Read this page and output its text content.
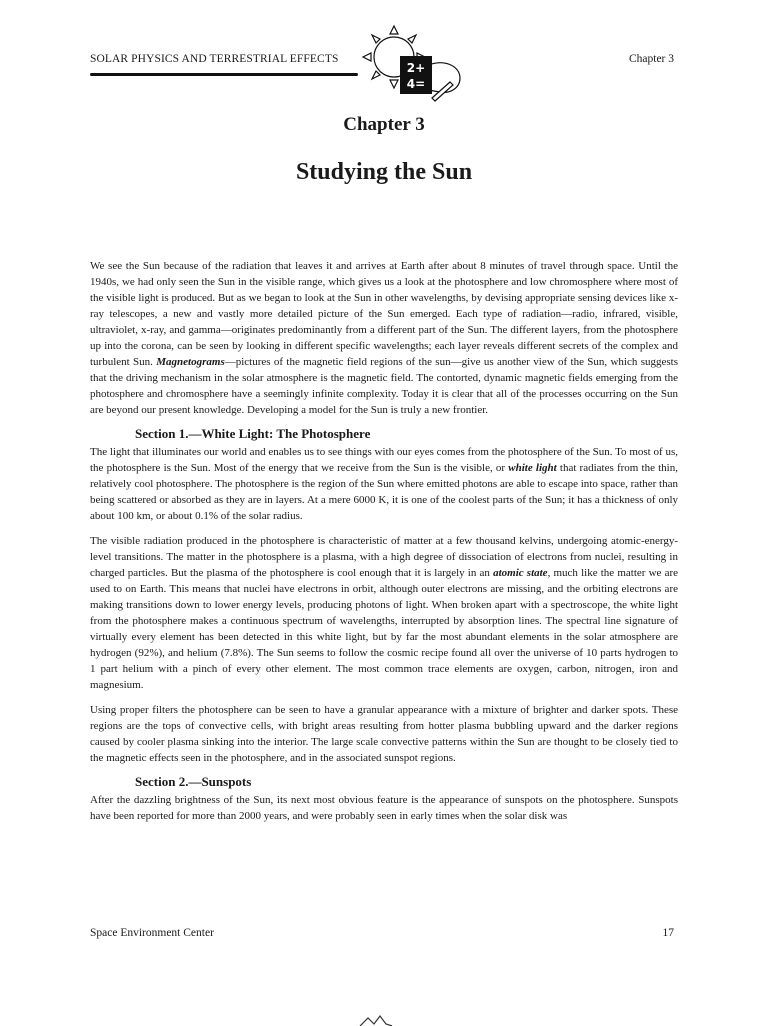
SOLAR PHYSICS AND TERRESTRIAL EFFECTS	Chapter 3
2+
4=
Chapter 3
Studying the Sun

We see the Sun because of the radiation that leaves it and arrives at Earth after about 8 minutes of travel through space. Until the 1940s, we had only seen the Sun in the visible range, which gives us a look at the photosphere and low chromosphere where most of the visible light is produced. But as we began to look at the Sun in other wavelengths, by devising appropriate sensing devices like x-ray telescopes, a new and vastly more detailed picture of the Sun emerged. Each type of radiation—radio, infrared, visible, ultraviolet, x-ray, and gamma—originates predominantly from a different part of the Sun. The different layers, from the photosphere up into the corona, can be seen by looking in different specific wavelengths; each layer reveals different secrets of the complex and turbulent Sun. Magnetograms—pictures of the magnetic field regions of the sun—give us another view of the Sun, which suggests that the driving mechanism in the solar atmosphere is the magnetic field. The contorted, dynamic magnetic fields emerging from the photosphere and chromosphere have a seemingly infinite complexity. Today it is clear that all of the processes occurring on the Sun are beyond our present knowledge. Developing a model for the Sun is truly a new frontier.

Section 1.—White Light: The Photosphere

The light that illuminates our world and enables us to see things with our eyes comes from the photosphere of the Sun. To most of us, the photosphere is the Sun. Most of the energy that we receive from the Sun is the visible, or white light that radiates from the thin, relatively cool photosphere. The photosphere is the region of the Sun where emitted photons are able to escape into space, rather than being scattered or absorbed as they are in layers. At a mere 6000 K, it is one of the coolest parts of the Sun; it has a thickness of only about 100 km, or about 0.1% of the solar radius.

The visible radiation produced in the photosphere is characteristic of matter at a few thousand kelvins, undergoing atomic-energy-level transitions. The matter in the photosphere is a plasma, with a high degree of dissociation of electrons from nuclei, resulting in charged particles. But the plasma of the photosphere is cool enough that it is largely in an atomic state, much like the matter we are used to on Earth. This means that nuclei have electrons in orbit, although outer electrons are missing, and the orbiting electrons are making transitions down to lower energy levels, producing photons of light. When broken apart with a spectroscope, the white light from the photosphere makes a continuous spectrum of wavelengths, interrupted by absorption lines. The spectral line signature of virtually every element has been detected in this white light, but by far the most abundant elements in the solar atmosphere are hydrogen (92%), and helium (7.8%). The Sun seems to follow the cosmic recipe found all over the universe of 10 parts hydrogen to 1 part helium with a pinch of every other element. The most common trace elements are oxygen, carbon, nitrogen, iron and magnesium.

Using proper filters the photosphere can be seen to have a granular appearance with a mixture of brighter and darker spots. These regions are the tops of convective cells, with bright areas resulting from hotter plasma bubbling upward and the darker regions caused by cooler plasma sinking into the interior. The large scale convective patterns within the Sun are thought to be closely tied to the magnetic effects seen in the photosphere, and in the associated sunspot regions.

Section 2.—Sunspots

After the dazzling brightness of the Sun, its next most obvious feature is the appearance of sunspots on the photosphere. Sunspots have been reported for more than 2000 years, and were probably seen in early times when the solar disk was

Space Environment Center	17
